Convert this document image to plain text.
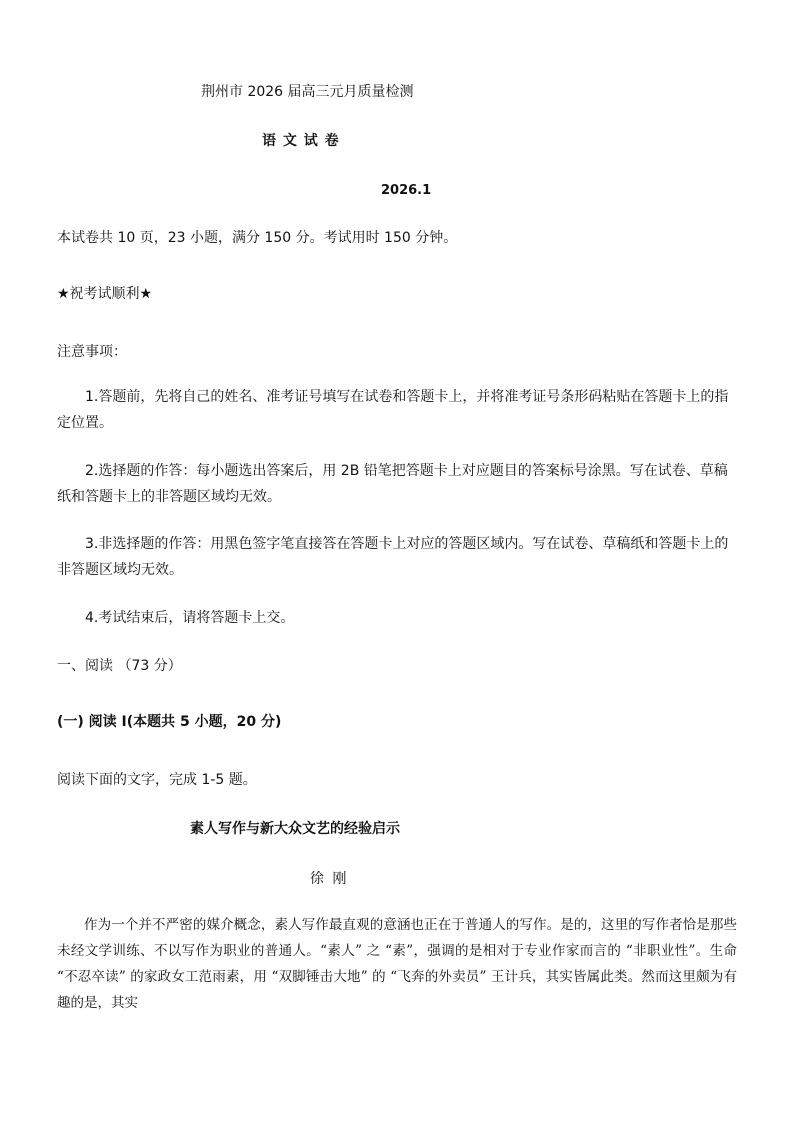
荆州市 2026 届高三元月质量检测
语 文 试 卷
2026.1
本试卷共 10 页，23 小题，满分 150 分。考试用时 150 分钟。
★祝考试顺利★
注意事项：
1.答题前，先将自己的姓名、准考证号填写在试卷和答题卡上，并将准考证号条形码粘贴在答题卡上的指定位置。
2.选择题的作答：每小题选出答案后，用 2B 铅笔把答题卡上对应题目的答案标号涂黑。写在试卷、草稿纸和答题卡上的非答题区域均无效。
3.非选择题的作答：用黑色签字笔直接答在答题卡上对应的答题区域内。写在试卷、草稿纸和答题卡上的非答题区域均无效。
4.考试结束后，请将答题卡上交。
一、阅读 （73 分）
(一) 阅读 Ⅰ(本题共 5 小题，20 分)
阅读下面的文字，完成 1-5 题。
素人写作与新大众文艺的经验启示
徐 刚
作为一个并不严密的媒介概念，素人写作最直观的意涵也正在于普通人的写作。是的，这里的写作者恰是那些未经文学训练、不以写作为职业的普通人。“素人” 之 “素”，强调的是相对于专业作家而言的 “非职业性”。生命 “不忍卒读” 的家政女工范雨素，用 “双脚锤击大地” 的 “飞奔的外卖员” 王计兵，其实皆属此类。然而这里颇为有趣的是，其实
